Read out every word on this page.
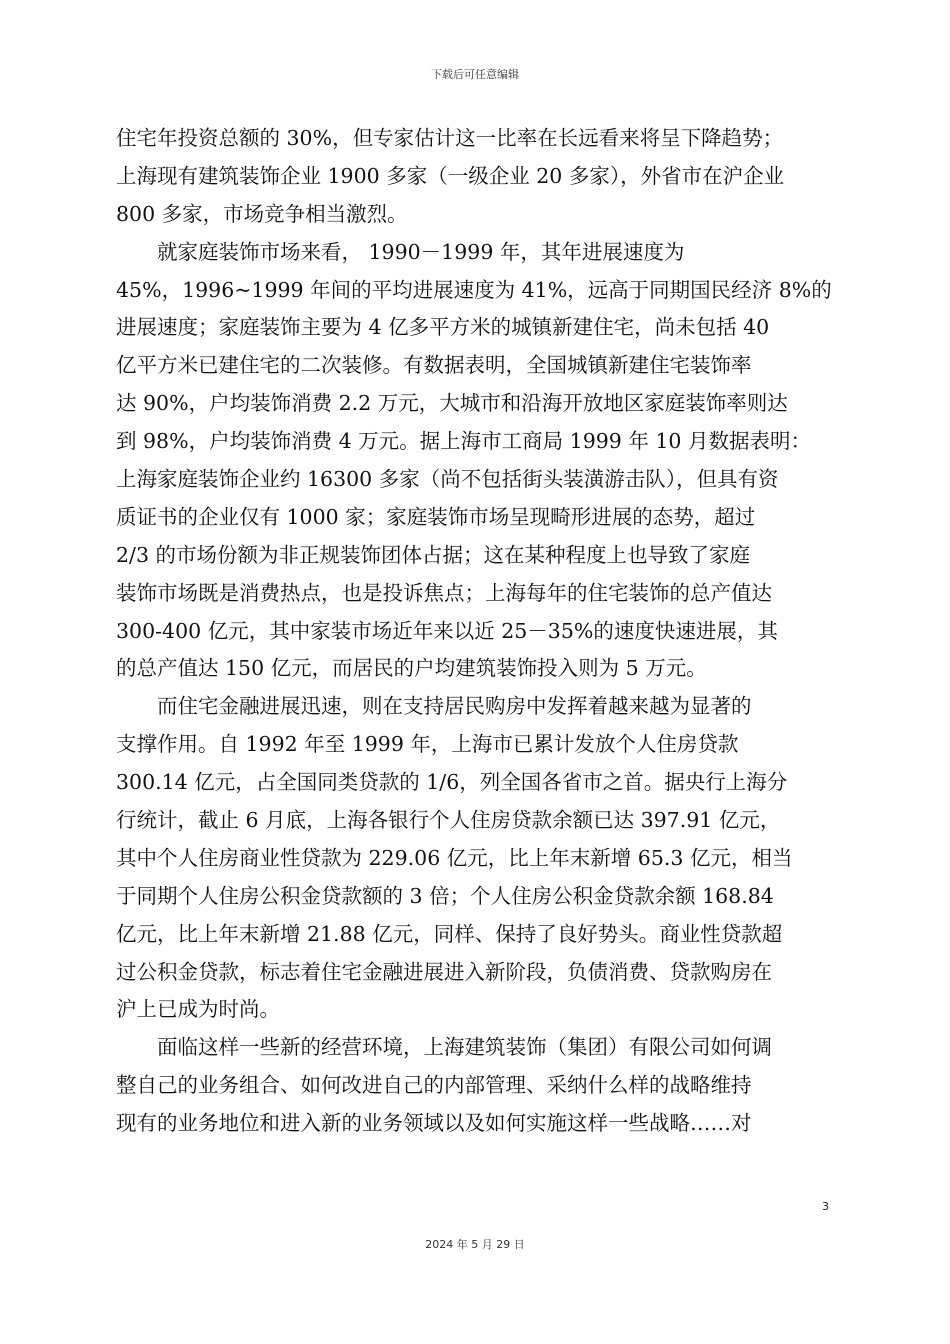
下载后可任意编辑
住宅年投资总额的 30%，但专家估计这一比率在长远看来将呈下降趋势；
上海现有建筑装饰企业 1900 多家（一级企业 20 多家），外省市在沪企业
800 多家，市场竞争相当激烈。
就家庭装饰市场来看， 1990－1999 年，其年进展速度为
45%，1996~1999 年间的平均进展速度为 41%，远高于同期国民经济 8%的
进展速度；家庭装饰主要为 4 亿多平方米的城镇新建住宅，尚未包括 40
亿平方米已建住宅的二次装修。有数据表明，全国城镇新建住宅装饰率
达 90%，户均装饰消费 2.2 万元，大城市和沿海开放地区家庭装饰率则达
到 98%，户均装饰消费 4 万元。据上海市工商局 1999 年 10 月数据表明：
上海家庭装饰企业约 16300 多家（尚不包括街头装潢游击队），但具有资
质证书的企业仅有 1000 家；家庭装饰市场呈现畸形进展的态势，超过
2/3 的市场份额为非正规装饰团体占据；这在某种程度上也导致了家庭
装饰市场既是消费热点，也是投诉焦点；上海每年的住宅装饰的总产值达
300-400 亿元，其中家装市场近年来以近 25－35%的速度快速进展，其
的总产值达 150 亿元，而居民的户均建筑装饰投入则为 5 万元。
而住宅金融进展迅速，则在支持居民购房中发挥着越来越为显著的
支撑作用。自 1992 年至 1999 年，上海市已累计发放个人住房贷款
300.14 亿元，占全国同类贷款的 1/6，列全国各省市之首。据央行上海分
行统计，截止 6 月底，上海各银行个人住房贷款余额已达 397.91 亿元，
其中个人住房商业性贷款为 229.06 亿元，比上年末新增 65.3 亿元，相当
于同期个人住房公积金贷款额的 3 倍；个人住房公积金贷款余额 168.84
亿元，比上年末新增 21.88 亿元，同样、保持了良好势头。商业性贷款超
过公积金贷款，标志着住宅金融进展进入新阶段，负债消费、贷款购房在
沪上已成为时尚。
面临这样一些新的经营环境，上海建筑装饰（集团）有限公司如何调
整自己的业务组合、如何改进自己的内部管理、采纳什么样的战略维持
现有的业务地位和进入新的业务领域以及如何实施这样一些战略……对
3
2024 年 5 月 29 日
